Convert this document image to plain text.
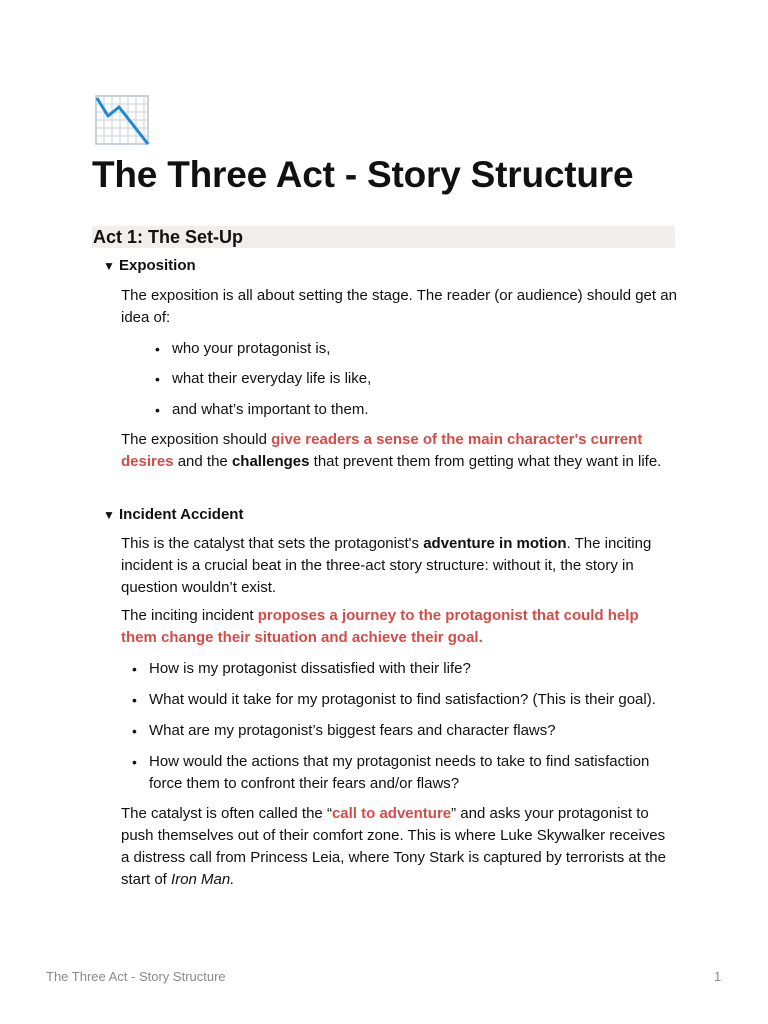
The Three Act - Story Structure
Act 1: The Set-Up
▼ Exposition

The exposition is all about setting the stage. The reader (or audience) should get an idea of:

• who your protagonist is,
• what their everyday life is like,
• and what’s important to them.

The exposition should give readers a sense of the main character's current desires and the challenges that prevent them from getting what they want in life.

▼ Incident Accident

This is the catalyst that sets the protagonist's adventure in motion. The inciting incident is a crucial beat in the three-act story structure: without it, the story in question wouldn’t exist.

The inciting incident proposes a journey to the protagonist that could help them change their situation and achieve their goal.

• How is my protagonist dissatisfied with their life?
• What would it take for my protagonist to find satisfaction? (This is their goal).
• What are my protagonist’s biggest fears and character flaws?
• How would the actions that my protagonist needs to take to find satisfaction force them to confront their fears and/or flaws?

The catalyst is often called the “call to adventure” and asks your protagonist to push themselves out of their comfort zone. This is where Luke Skywalker receives a distress call from Princess Leia, where Tony Stark is captured by terrorists at the start of Iron Man.

The Three Act - Story Structure	1
